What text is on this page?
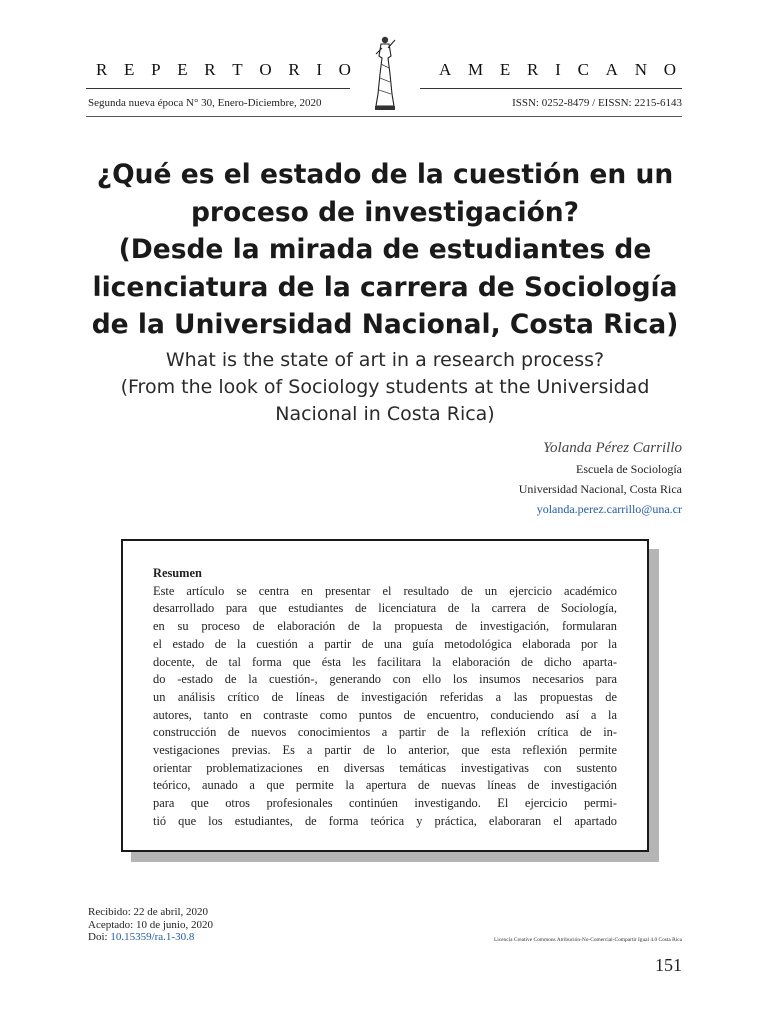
R E P E R T O R I O	A M E R I C A N O
Segunda nueva época N° 30, Enero-Diciembre, 2020	ISSN: 0252-8479 / EISSN: 2215-6143
¿Qué es el estado de la cuestión en un
proceso de investigación?
(Desde la mirada de estudiantes de
licenciatura de la carrera de Sociología
de la Universidad Nacional, Costa Rica)
What is the state of art in a research process?
(From the look of Sociology students at the Universidad
Nacional in Costa Rica)
Yolanda Pérez Carrillo
Escuela de Sociología
Universidad Nacional, Costa Rica
yolanda.perez.carrillo@una.cr
Resumen
Este artículo se centra en presentar el resultado de un ejercicio académico
desarrollado para que estudiantes de licenciatura de la carrera de Sociología,
en su proceso de elaboración de la propuesta de investigación, formularan
el estado de la cuestión a partir de una guía metodológica elaborada por la
docente, de tal forma que ésta les facilitara la elaboración de dicho aparta-
do -estado de la cuestión-, generando con ello los insumos necesarios para
un análisis crítico de líneas de investigación referidas a las propuestas de
autores, tanto en contraste como puntos de encuentro, conduciendo así a la
construcción de nuevos conocimientos a partir de la reflexión crítica de in-
vestigaciones previas. Es a partir de lo anterior, que esta reflexión permite
orientar problematizaciones en diversas temáticas investigativas con sustento
teórico, aunado a que permite la apertura de nuevas líneas de investigación
para que otros profesionales continúen investigando. El ejercicio permi-
tió que los estudiantes, de forma teórica y práctica, elaboraran el apartado
Recibido: 22 de abril, 2020
Aceptado: 10 de junio, 2020
Doi: 10.15359/ra.1-30.8	Licencia Creative Commons Atribución-No-Comercial-Compartir Igual 4.0 Costa Rica
151
